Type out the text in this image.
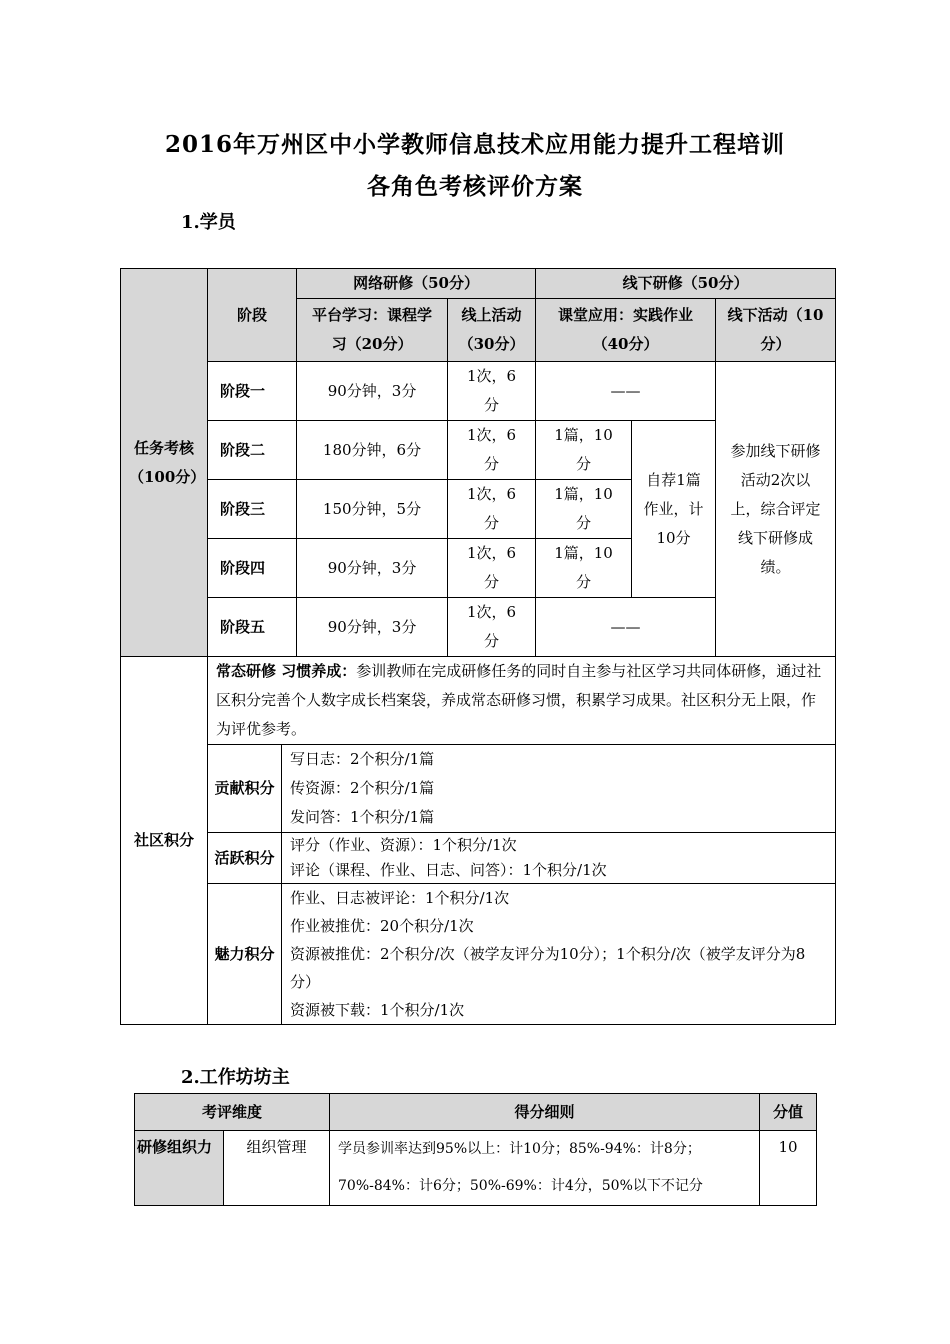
2016年万州区中小学教师信息技术应用能力提升工程培训
各角色考核评价方案
1.学员
任务考核（100分）	阶段		网络研修（50分）		线下研修（50分）		

			平台学习：课程学习（20分）	线上活动（30分）	课堂应用：实践作业（40分）		线下活动（10分）

	阶段一		90分钟，3分	1次，6分	——		参加线下研修活动2次以上，综合评定线下研修成绩。

	阶段二		180分钟，6分	1次，6分	1篇，10分	自荐1篇作业，计10分	

	阶段三		150分钟，5分	1次，6分	1篇，10分		

	阶段四		90分钟，3分	1次，6分	1篇，10分		

	阶段五		90分钟，3分	1次，6分	——		
社区积分	常态研修 习惯养成：参训教师在完成研修任务的同时自主参与社区学习共同体研修，通过社区积分完善个人数字成长档案袋，养成常态研修习惯，积累学习成果。社区积分无上限，作为评优参考。						
	贡献积分	写日志：2个积分/1篇
传资源：2个积分/1篇
发问答：1个积分/1篇					

	活跃积分	评分（作业、资源）：1个积分/1次
评论（课程、作业、日志、问答）：1个积分/1次					

	魅力积分	作业、日志被评论：1个积分/1次
作业被推优：20个积分/1次
资源被推优：2个积分/次（被学友评分为10分）；1个积分/次（被学友评分为8分）
资源被下载：1个积分/1次					
2.工作坊坊主
考评维度		得分细则	分值
研修组织力	组织管理	学员参训率达到95%以上：计10分；85%-94%：计8分；
70%-84%：计6分；50%-69%：计4分，50%以下不记分	10
